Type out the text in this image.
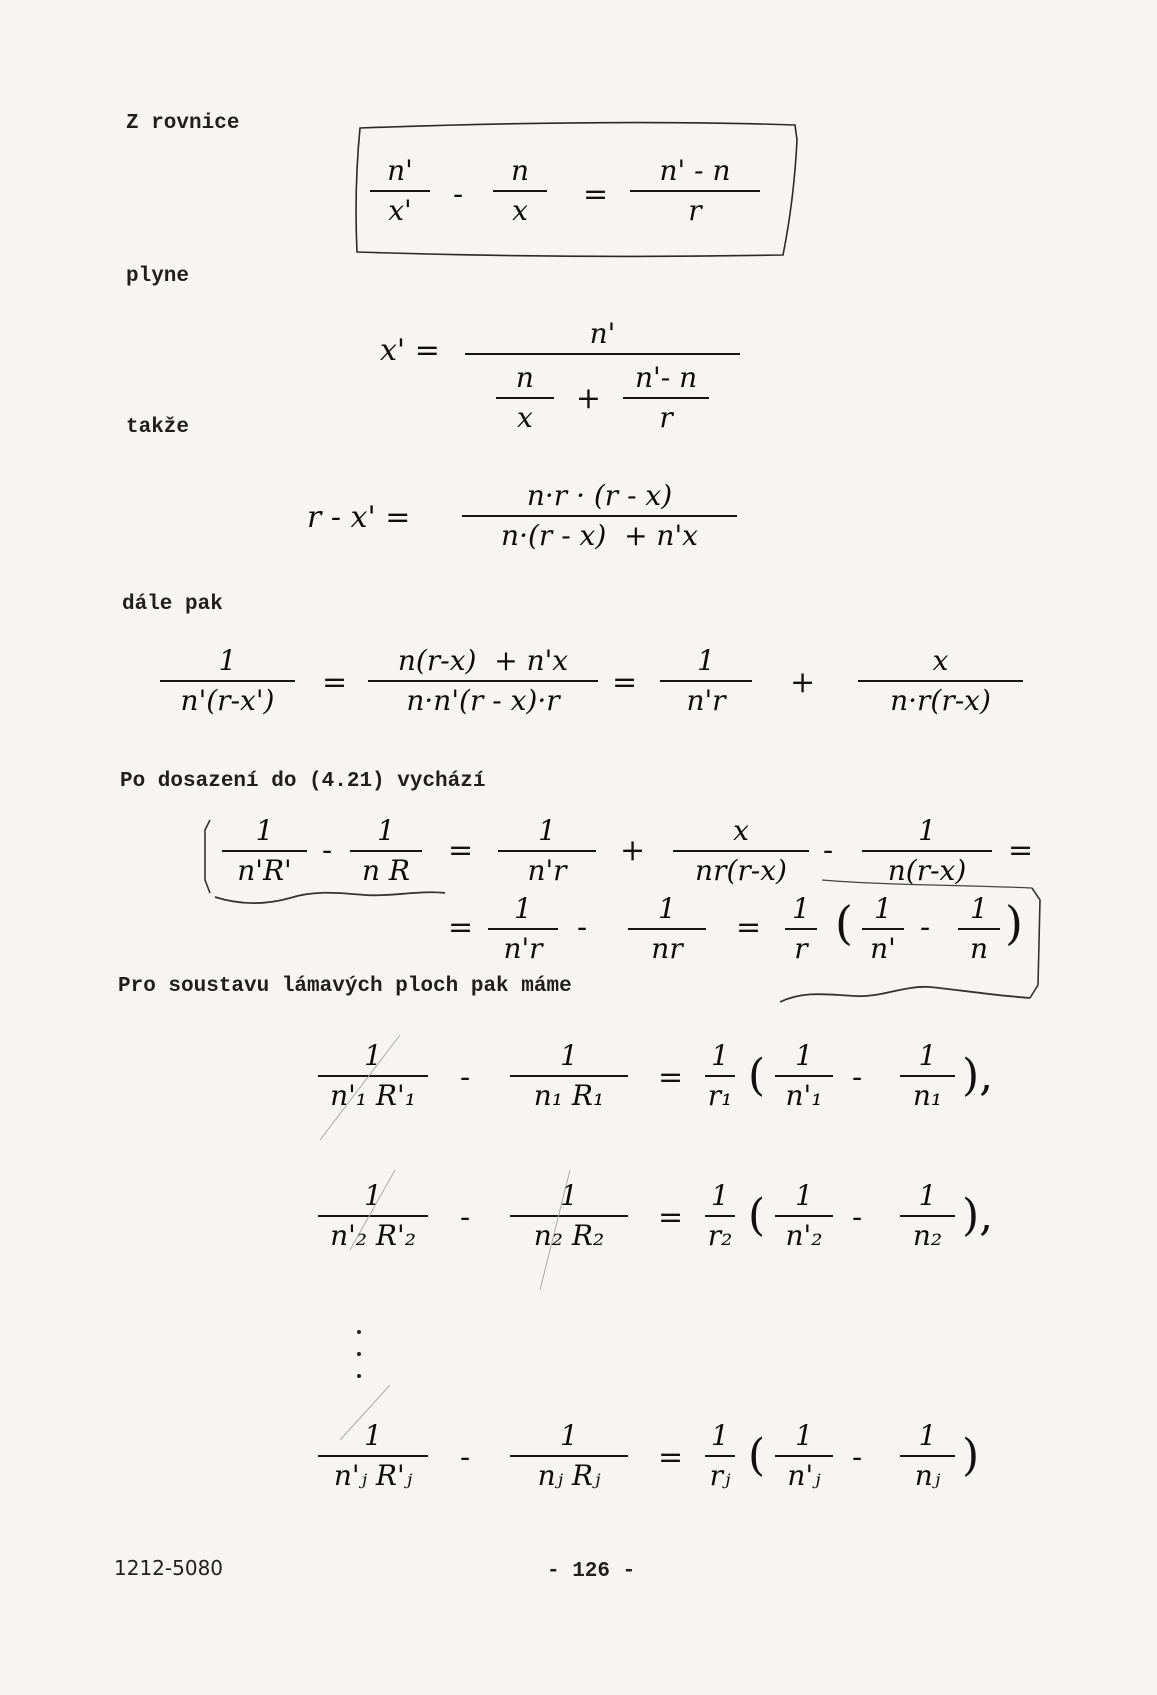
Z rovnice
plyne
takže
dále pak
Po dosazení do (4.21) vychází
Pro soustavu lámavých ploch pak máme
n'
x' -
n
x =
n' - n
r
x' =	n'
n
x
+
n'- n
r
r - x' =
n·r · (r - x)
n·(r - x)  + n'x
1
n'(r-x')
=
n(r-x)  + n'x
n·n'(r - x)·r
=
1
n'r
+
x
n·r(r-x)
1
n'R'
-
1
n R
=
1
n'r
+
x
nr(r-x)
-
1
n(r-x)
=
=
1
n'r
-
1
nr
=
1
r ( 1
n'
-
1
n )
1
n'₁ R'₁
-
1
n₁ R₁
=
1
r₁ ( 1
n'₁
-
1
n₁ ),
1
n'₂ R'₂
-
1
n₂ R₂
=
1
r₂ ( 1
n'₂
-
1
n₂ ),
1
n'ⱼ R'ⱼ
-
1
nⱼ Rⱼ
=
1
rⱼ ( 1
n'ⱼ
-
1
nⱼ )
1212-5080	- 126 -
